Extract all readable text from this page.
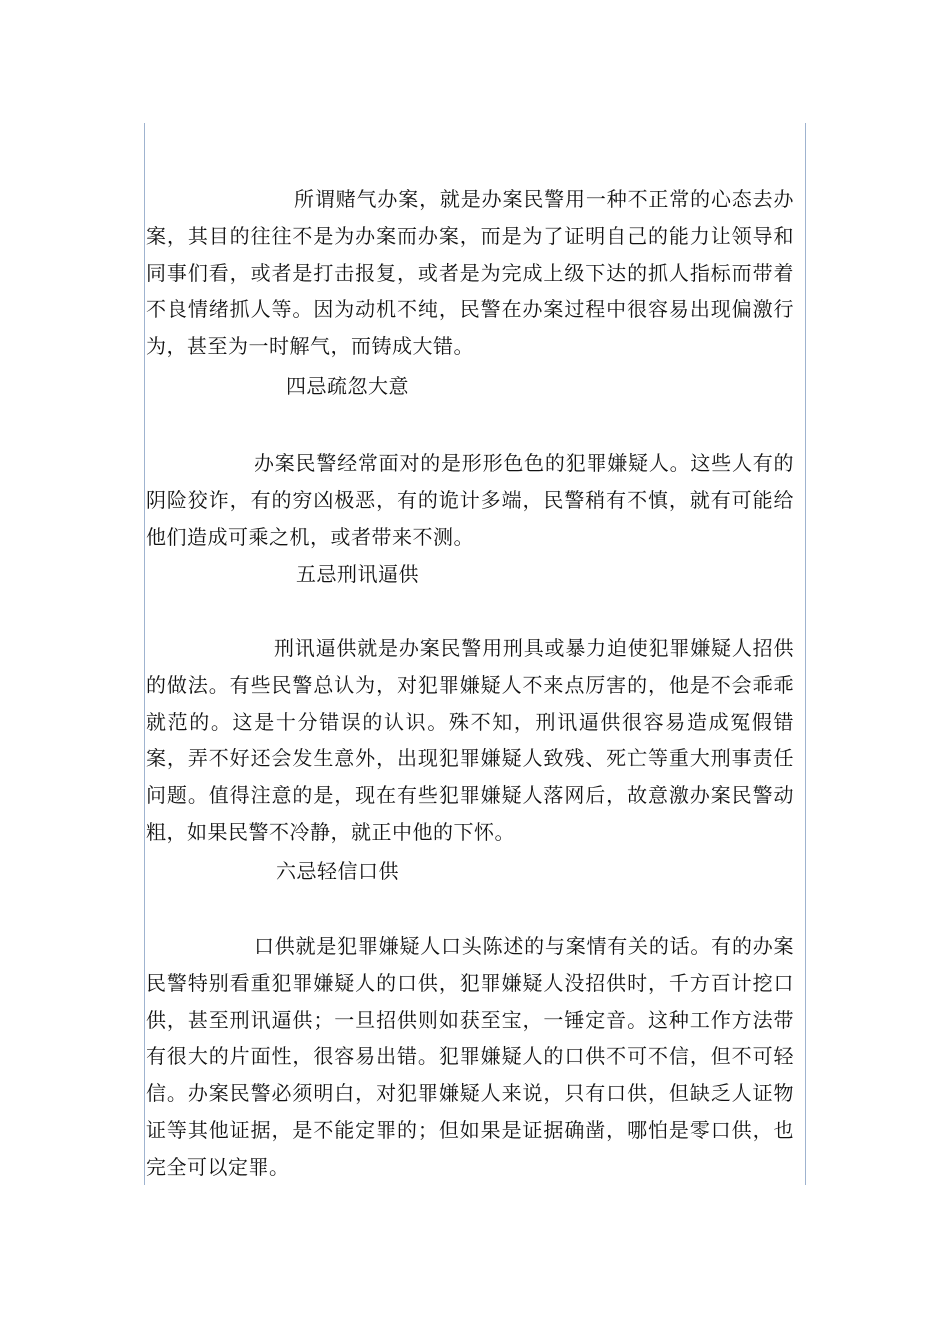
所谓赌气办案，就是办案民警用一种不正常的心态去办案，其目的往往不是为办案而办案，而是为了证明自己的能力让领导和同事们看，或者是打击报复，或者是为完成上级下达的抓人指标而带着不良情绪抓人等。因为动机不纯，民警在办案过程中很容易出现偏激行为，甚至为一时解气，而铸成大错。

四忌疏忽大意

办案民警经常面对的是形形色色的犯罪嫌疑人。这些人有的阴险狡诈，有的穷凶极恶，有的诡计多端，民警稍有不慎，就有可能给他们造成可乘之机，或者带来不测。

五忌刑讯逼供

刑讯逼供就是办案民警用刑具或暴力迫使犯罪嫌疑人招供的做法。有些民警总认为，对犯罪嫌疑人不来点厉害的，他是不会乖乖就范的。这是十分错误的认识。殊不知，刑讯逼供很容易造成冤假错案，弄不好还会发生意外，出现犯罪嫌疑人致残、死亡等重大刑事责任问题。值得注意的是，现在有些犯罪嫌疑人落网后，故意激办案民警动粗，如果民警不冷静，就正中他的下怀。

六忌轻信口供

口供就是犯罪嫌疑人口头陈述的与案情有关的话。有的办案民警特别看重犯罪嫌疑人的口供，犯罪嫌疑人没招供时，千方百计挖口供，甚至刑讯逼供；一旦招供则如获至宝，一锤定音。这种工作方法带有很大的片面性，很容易出错。犯罪嫌疑人的口供不可不信，但不可轻信。办案民警必须明白，对犯罪嫌疑人来说，只有口供，但缺乏人证物证等其他证据，是不能定罪的；但如果是证据确凿，哪怕是零口供，也完全可以定罪。
